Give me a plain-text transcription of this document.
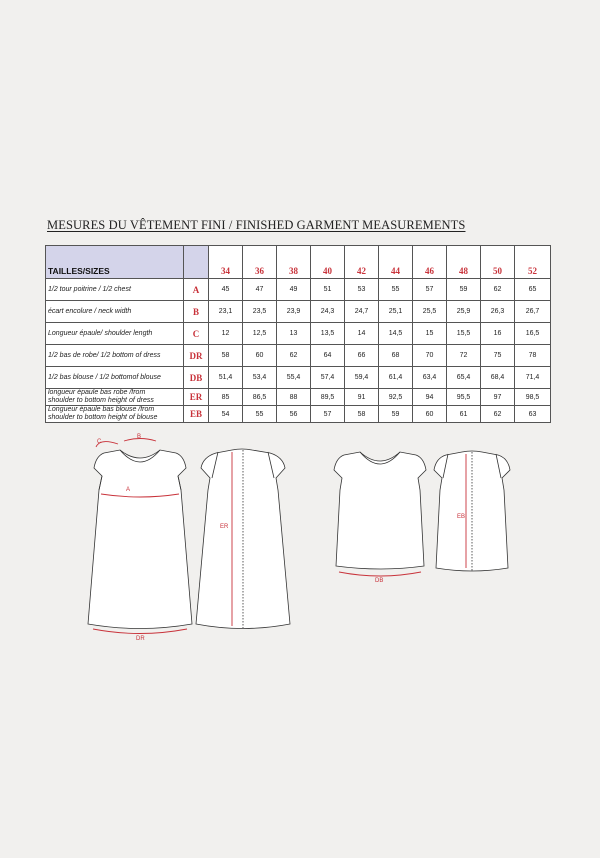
MESURES DU VÊTEMENT FINI / FINISHED GARMENT MEASUREMENTS
TAILLES/SIZES		34	36	38	40	42	44	46	48	50	52
1/2 tour poitrine / 1/2 chest	A	45	47	49	51	53	55	57	59	62	65
écart encolure / neck width	B	23,1	23,5	23,9	24,3	24,7	25,1	25,5	25,9	26,3	26,7
Longueur épaule/ shoulder length	C	12	12,5	13	13,5	14	14,5	15	15,5	16	16,5
1/2 bas de robe/ 1/2 bottom of dress	DR	58	60	62	64	66	68	70	72	75	78
1/2 bas blouse / 1/2 bottomof blouse	DB	51,4	53,4	55,4	57,4	59,4	61,4	63,4	65,4	68,4	71,4

longueur épaule bas robe /from
shoulder to bottom height of dress	ER	85	86,5	88	89,5	91	92,5	94	95,5	97	98,5

Longueur épaule bas blouse /from
shoulder to bottom height of blouse	EB	54	55	56	57	58	59	60	61	62	63
C
B
A
DR
ER
DB
EB
